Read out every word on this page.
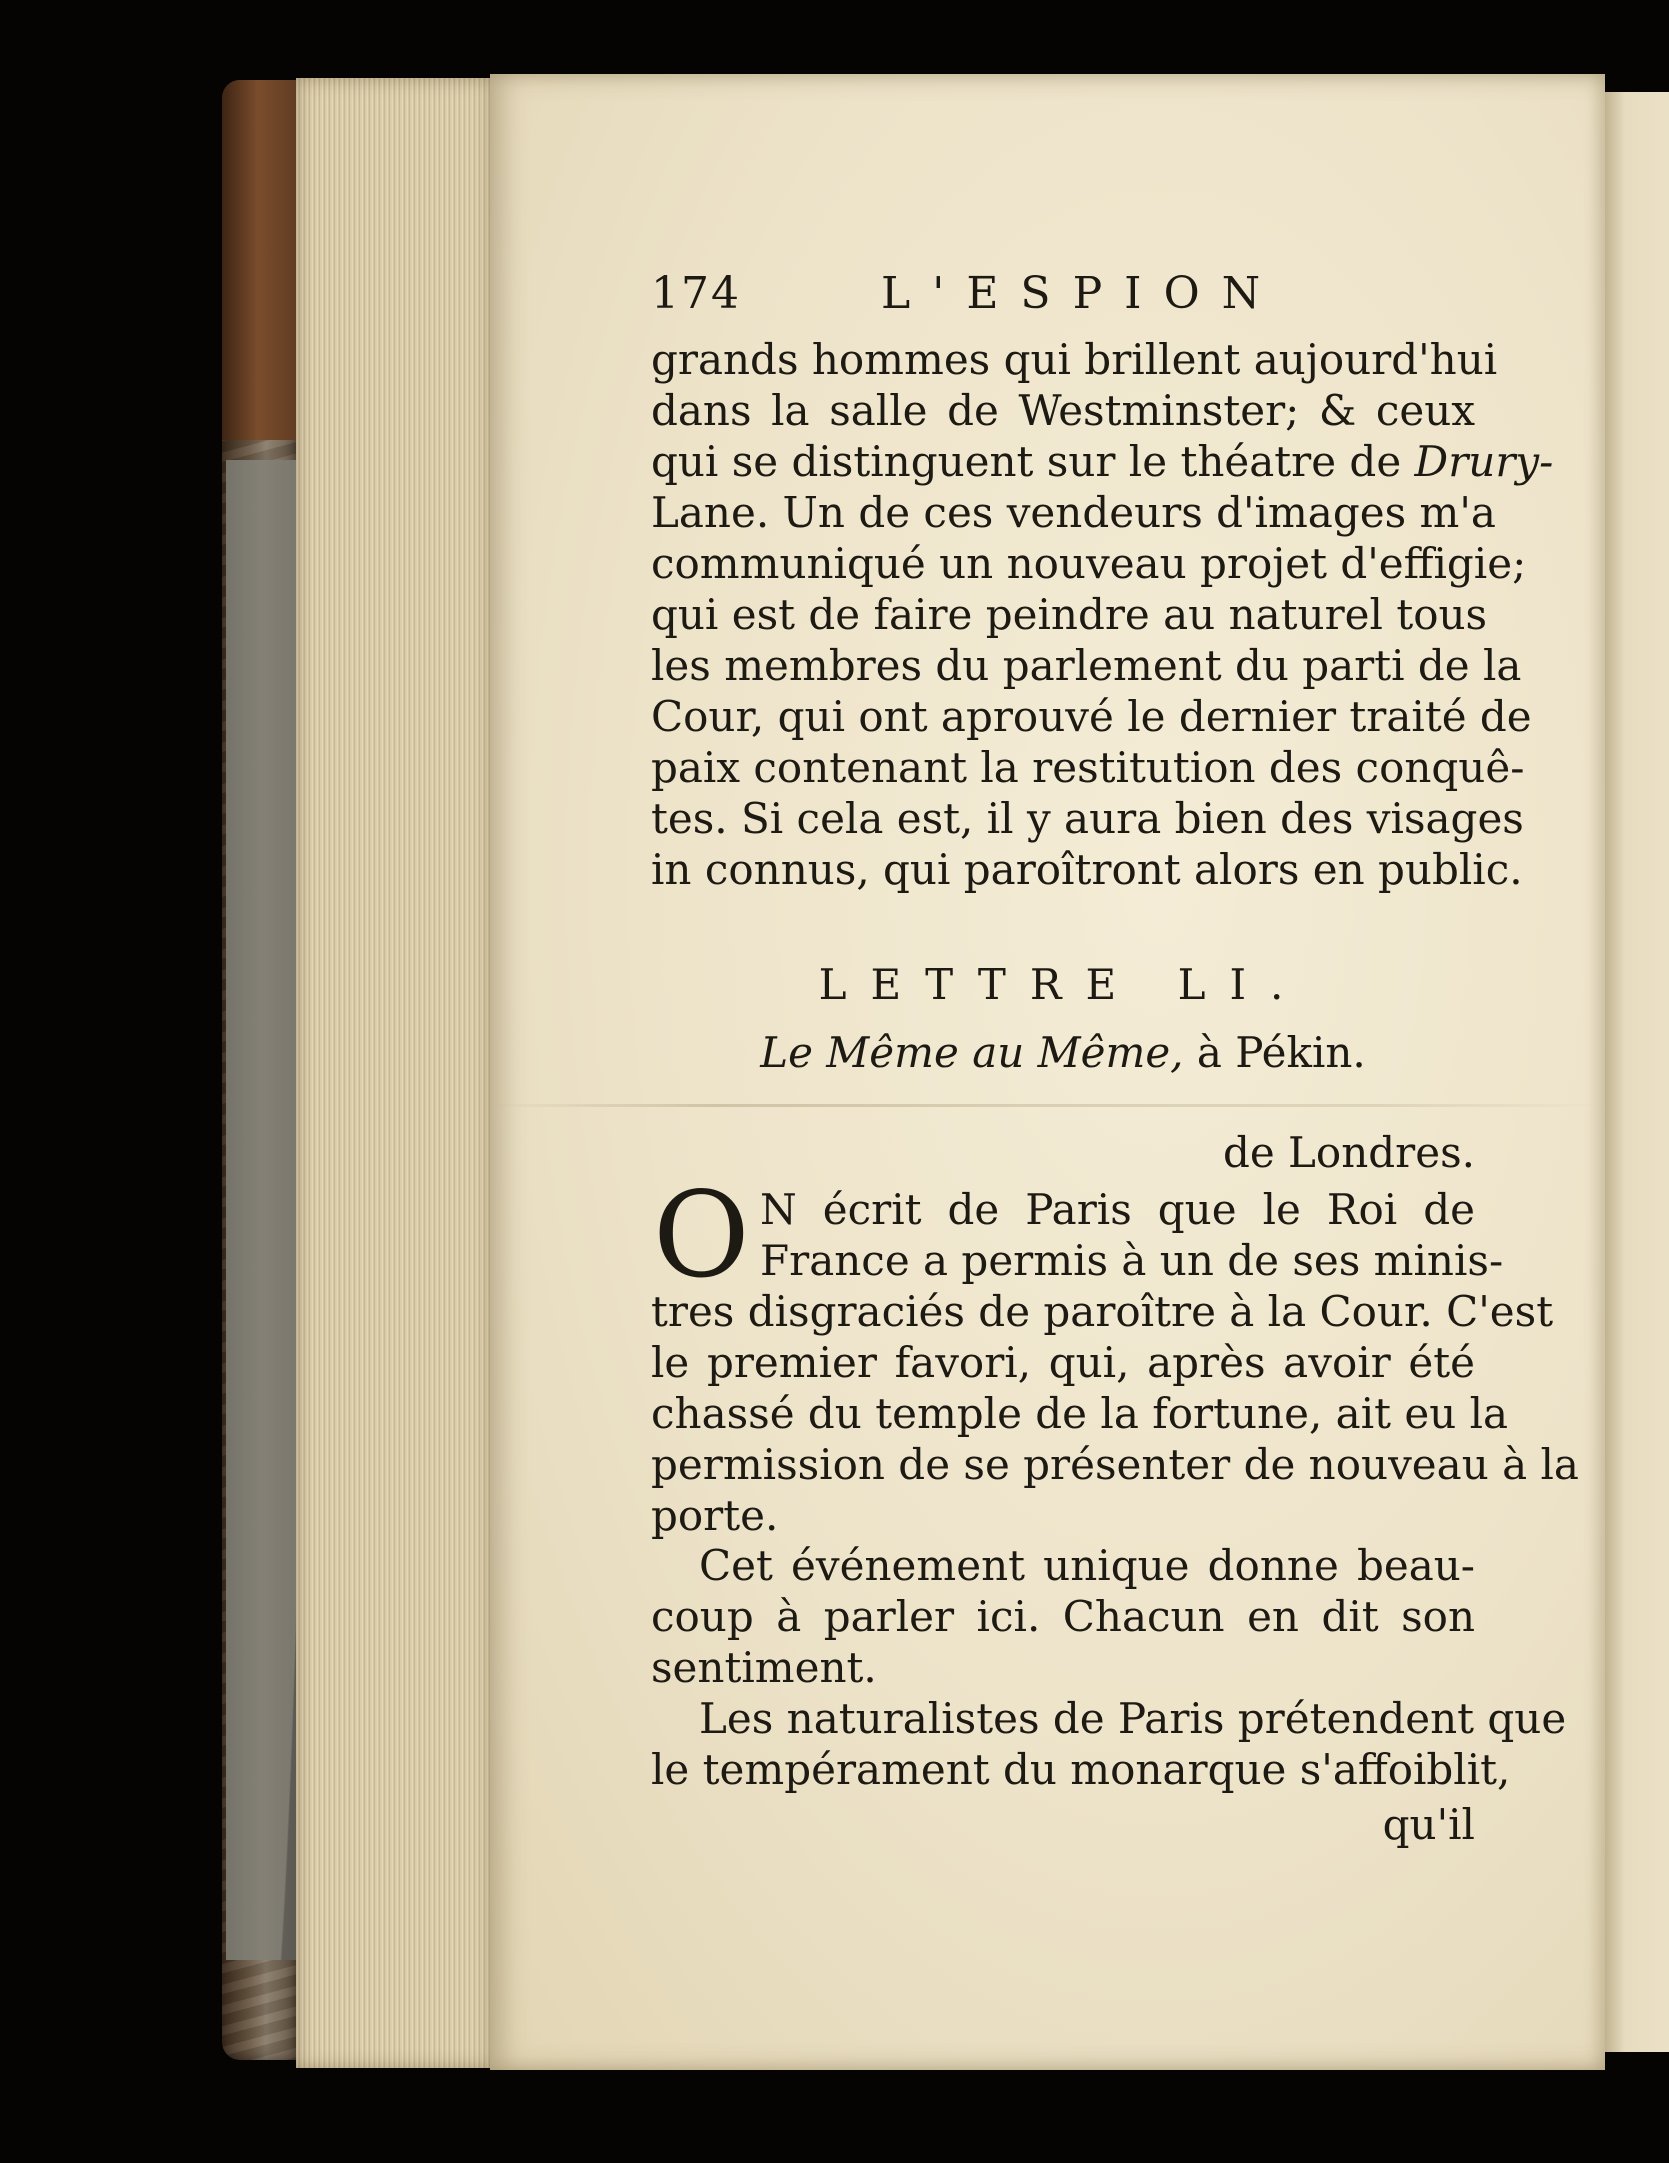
174	L'ESPION
grands hommes qui brillent aujourd'hui
dans la salle de Westminster; & ceux
qui se distinguent sur le théatre de Drury-
Lane. Un de ces vendeurs d'images m'a
communiqué un nouveau projet d'effigie;
qui est de faire peindre au naturel tous
les membres du parlement du parti de la
Cour, qui ont aprouvé le dernier traité de
paix contenant la restitution des conquê-
tes. Si cela est, il y aura bien des visages
in connus, qui paroîtront alors en public.
LETTRE LI.
Le Même au Même, à Pékin.
de Londres.
O N écrit de Paris que le Roi de
France a permis à un de ses minis-
tres disgraciés de paroître à la Cour. C'est
le premier favori, qui, après avoir été
chassé du temple de la fortune, ait eu la
permission de se présenter de nouveau à la
porte.
Cet événement unique donne beau-
coup à parler ici. Chacun en dit son
sentiment.
Les naturalistes de Paris prétendent que
le tempérament du monarque s'affoiblit,
qu'il
